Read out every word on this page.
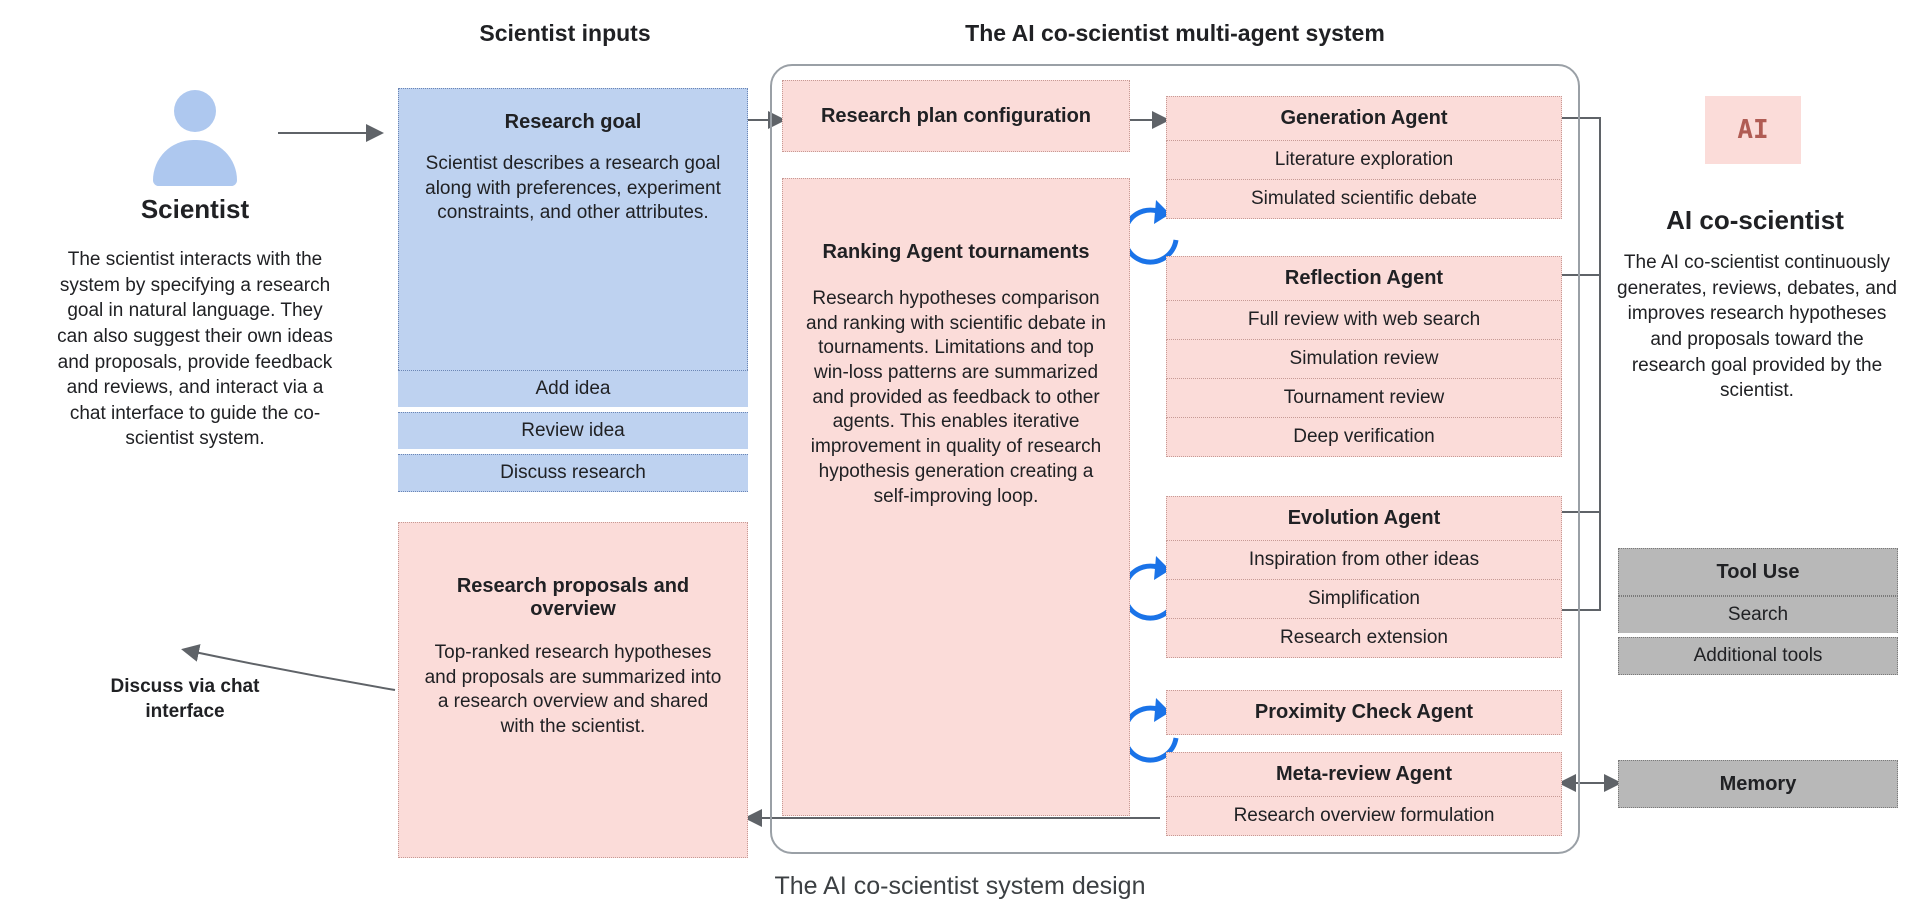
Scientist inputs	The AI co-scientist multi-agent system
Scientist
The scientist interacts with the system by specifying a research goal in natural language. They can also suggest their own ideas and proposals, provide feedback and reviews, and interact via a chat interface to guide the co-scientist system.
Discuss via chat interface
Research goal
Scientist describes a research goal along with preferences, experiment constraints, and other attributes.
Add idea
Review idea
Discuss research
Research proposals and overview
Top-ranked research hypotheses and proposals are summarized into a research overview and shared with the scientist.
Research plan configuration
Ranking Agent tournaments
Research hypotheses comparison and ranking with scientific debate in tournaments. Limitations and top win-loss patterns are summarized and provided as feedback to other agents. This enables iterative improvement in quality of research hypothesis generation creating a self-improving loop.
Generation Agent
Literature exploration
Simulated scientific debate
Reflection Agent
Full review with web search
Simulation review
Tournament review
Deep verification
Evolution Agent
Inspiration from other ideas
Simplification
Research extension
Proximity Check Agent
Meta-review Agent
Research overview formulation
AI
AI co-scientist
The AI co-scientist continuously generates, reviews, debates, and improves research hypotheses and proposals toward the research goal provided by the scientist.
Tool Use
Search
Additional tools
Memory
The AI co-scientist system design
